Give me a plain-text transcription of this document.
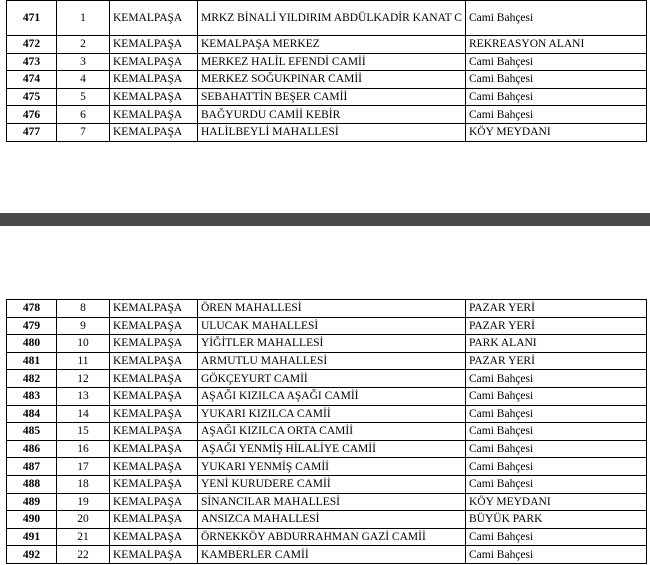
471	1	KEMALPAŞA	MRKZ BİNALİ YILDIRIM ABDÜLKADİR KANAT C	Cami Bahçesi
472	2	KEMALPAŞA	KEMALPAŞA MERKEZ	REKREASYON ALANI
473	3	KEMALPAŞA	MERKEZ HALİL EFENDİ CAMİİ	Cami Bahçesi
474	4	KEMALPAŞA	MERKEZ SOĞUKPINAR CAMİİ	Cami Bahçesi
475	5	KEMALPAŞA	SEBAHATTİN BEŞER CAMİİ	Cami Bahçesi
476	6	KEMALPAŞA	BAĞYURDU CAMİİ KEBİR	Cami Bahçesi
477	7	KEMALPAŞA	HALİLBEYLİ MAHALLESİ	KÖY MEYDANI
478	8	KEMALPAŞA	ÖREN MAHALLESİ	PAZAR YERİ
479	9	KEMALPAŞA	ULUCAK MAHALLESİ	PAZAR YERİ
480	10	KEMALPAŞA	YİĞİTLER MAHALLESİ	PARK ALANI
481	11	KEMALPAŞA	ARMUTLU MAHALLESİ	PAZAR YERİ
482	12	KEMALPAŞA	GÖKÇEYURT CAMİİ	Cami Bahçesi
483	13	KEMALPAŞA	AŞAĞI KIZILCA AŞAĞI CAMİİ	Cami Bahçesi
484	14	KEMALPAŞA	YUKARI KIZILCA CAMİİ	Cami Bahçesi
485	15	KEMALPAŞA	AŞAĞI KIZILCA ORTA CAMİİ	Cami Bahçesi
486	16	KEMALPAŞA	AŞAĞI YENMİŞ HİLALİYE CAMİİ	Cami Bahçesi
487	17	KEMALPAŞA	YUKARI YENMİŞ CAMİİ	Cami Bahçesi
488	18	KEMALPAŞA	YENİ KURUDERE CAMİİ	Cami Bahçesi
489	19	KEMALPAŞA	SİNANCILAR MAHALLESİ	KÖY MEYDANI
490	20	KEMALPAŞA	ANSIZCA MAHALLESİ	BÜYÜK PARK
491	21	KEMALPAŞA	ÖRNEKKÖY ABDURRAHMAN GAZİ CAMİİ	Cami Bahçesi
492	22	KEMALPAŞA	KAMBERLER CAMİİ	Cami Bahçesi
